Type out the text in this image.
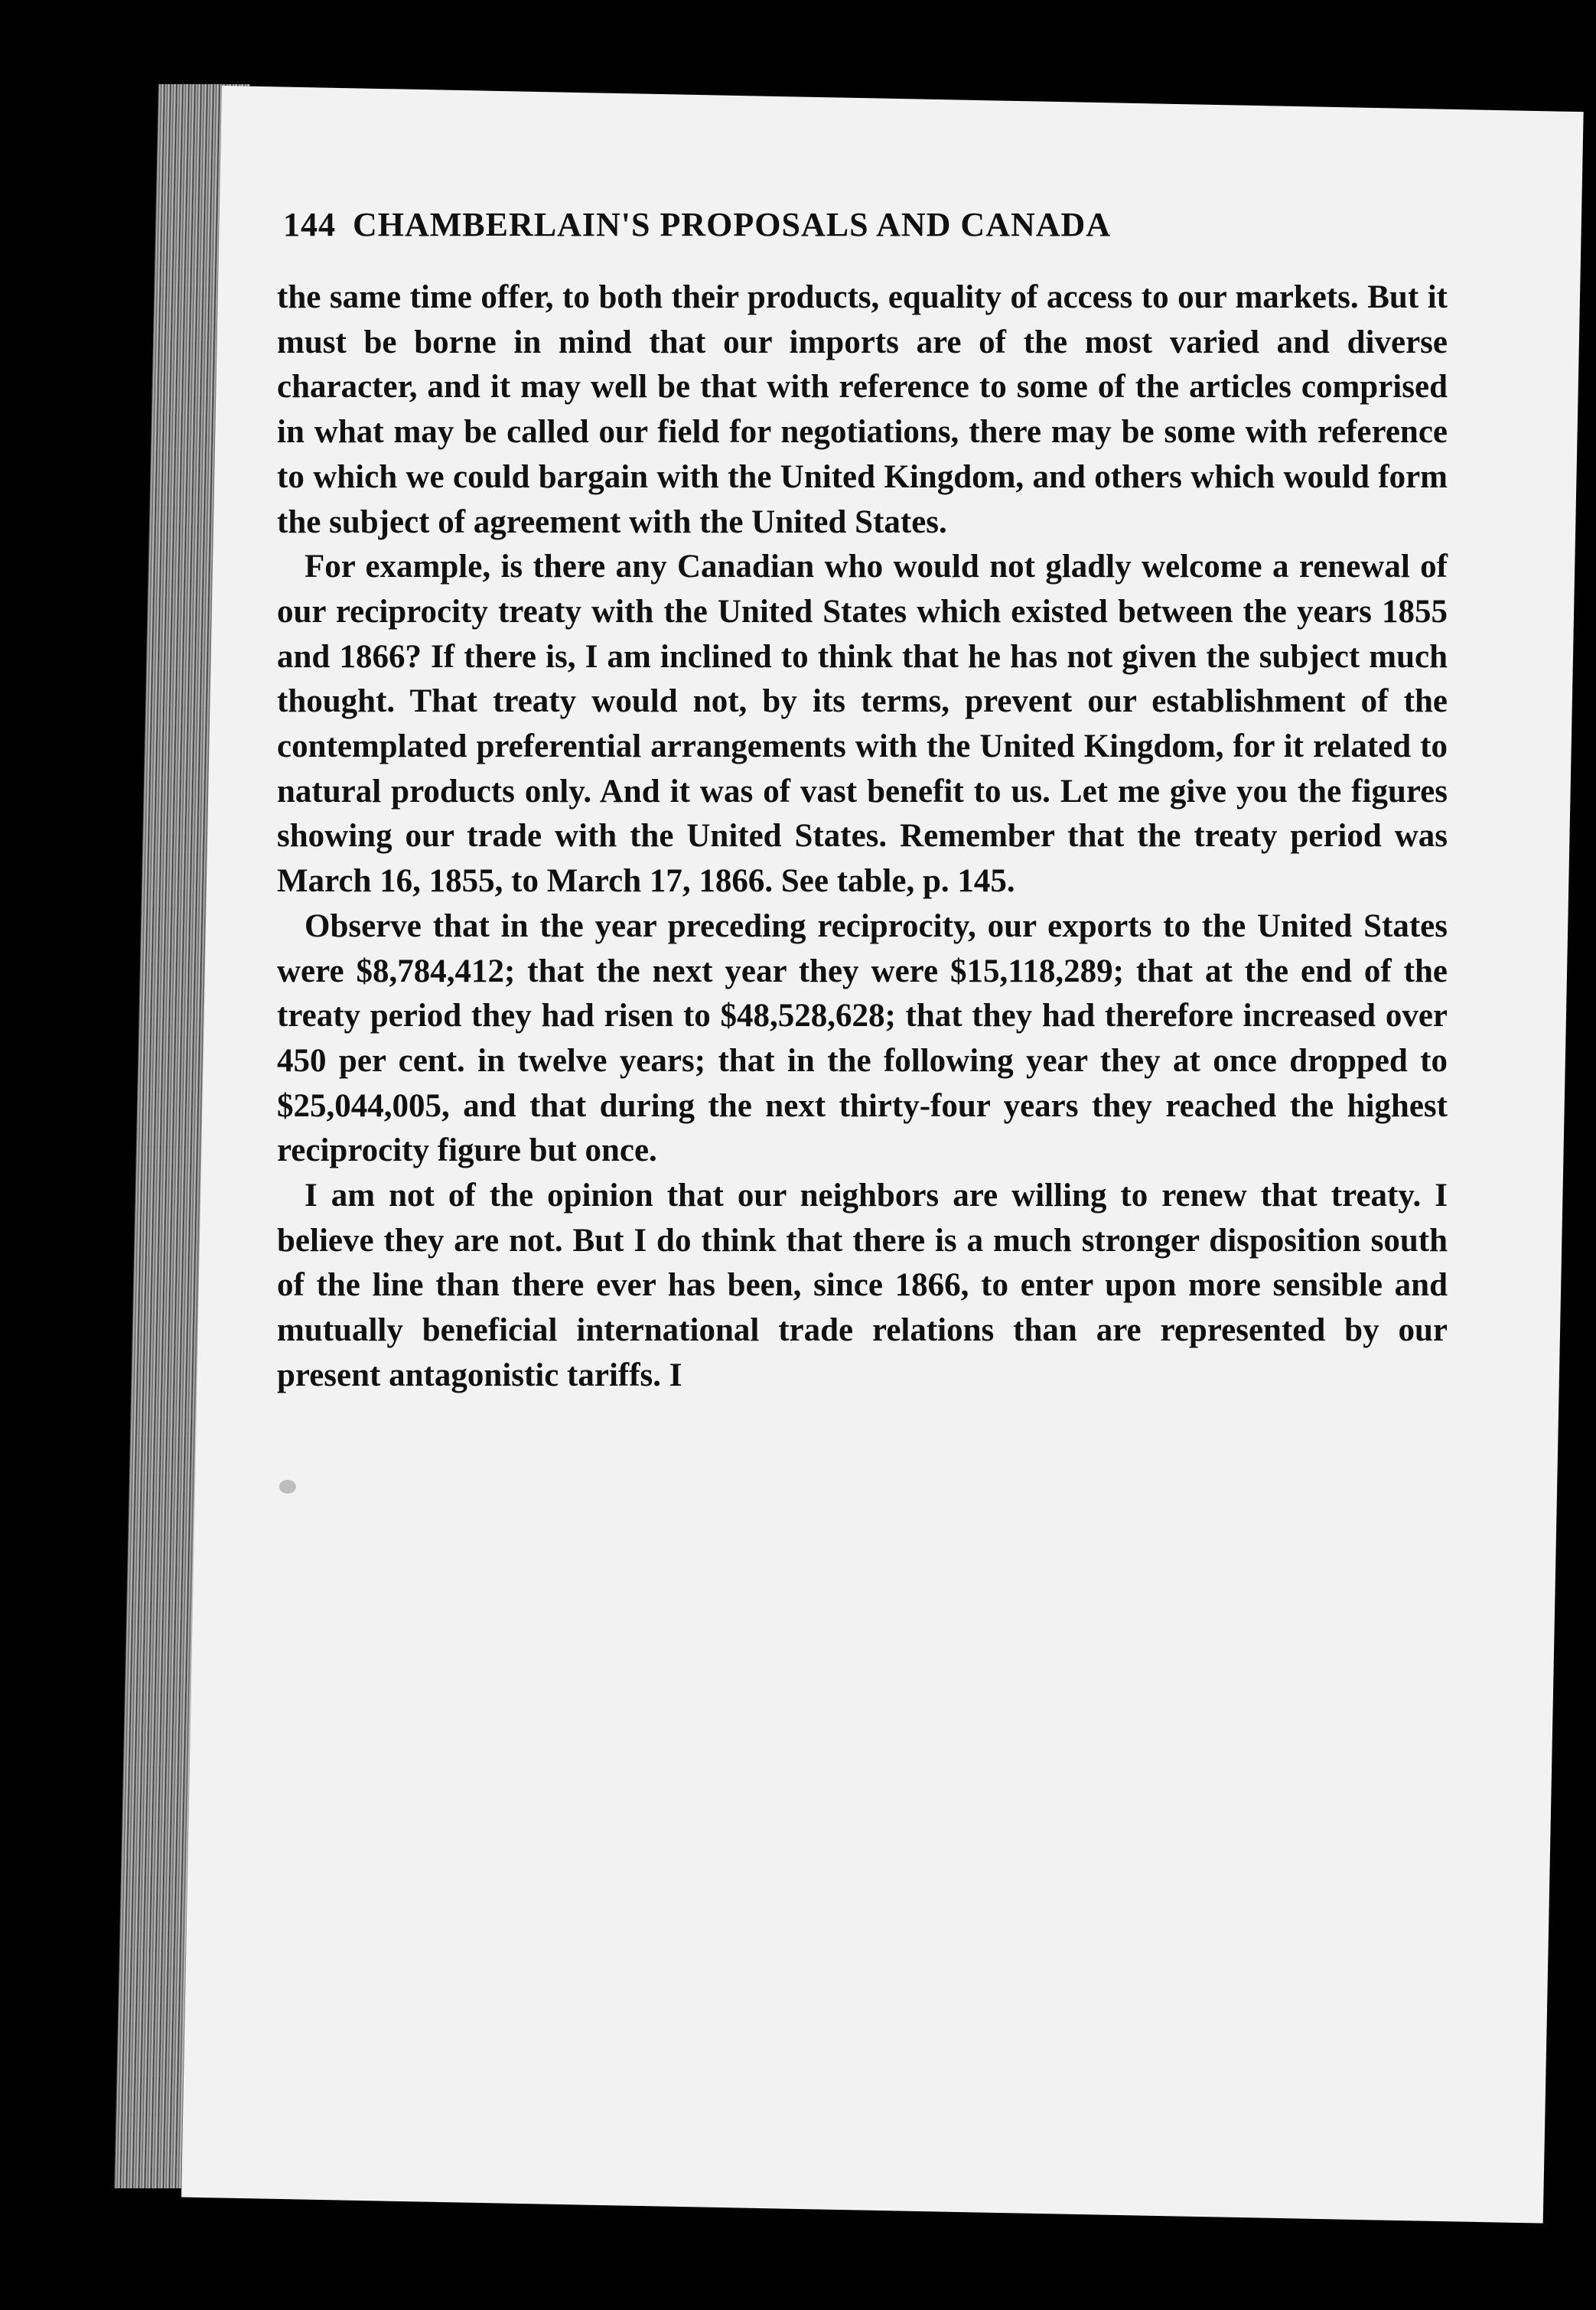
144 CHAMBERLAIN'S PROPOSALS AND CANADA

the same time offer, to both their products, equality of access to our markets. But it must be borne in mind that our imports are of the most varied and diverse character, and it may well be that with reference to some of the articles comprised in what may be called our field for negotiations, there may be some with reference to which we could bargain with the United Kingdom, and others which would form the subject of agreement with the United States.

For example, is there any Canadian who would not gladly welcome a renewal of our reciprocity treaty with the United States which existed between the years 1855 and 1866? If there is, I am inclined to think that he has not given the subject much thought. That treaty would not, by its terms, prevent our establishment of the contemplated preferential arrangements with the United Kingdom, for it related to natural products only. And it was of vast benefit to us. Let me give you the figures showing our trade with the United States. Remember that the treaty period was March 16, 1855, to March 17, 1866. See table, p. 145.

Observe that in the year preceding reciprocity, our exports to the United States were $8,784,412; that the next year they were $15,118,289; that at the end of the treaty period they had risen to $48,528,628; that they had therefore increased over 450 per cent. in twelve years; that in the following year they at once dropped to $25,044,005, and that during the next thirty-four years they reached the highest reciprocity figure but once.

I am not of the opinion that our neighbors are willing to renew that treaty. I believe they are not. But I do think that there is a much stronger disposition south of the line than there ever has been, since 1866, to enter upon more sensible and mutually beneficial international trade relations than are represented by our present antagonistic tariffs. I
